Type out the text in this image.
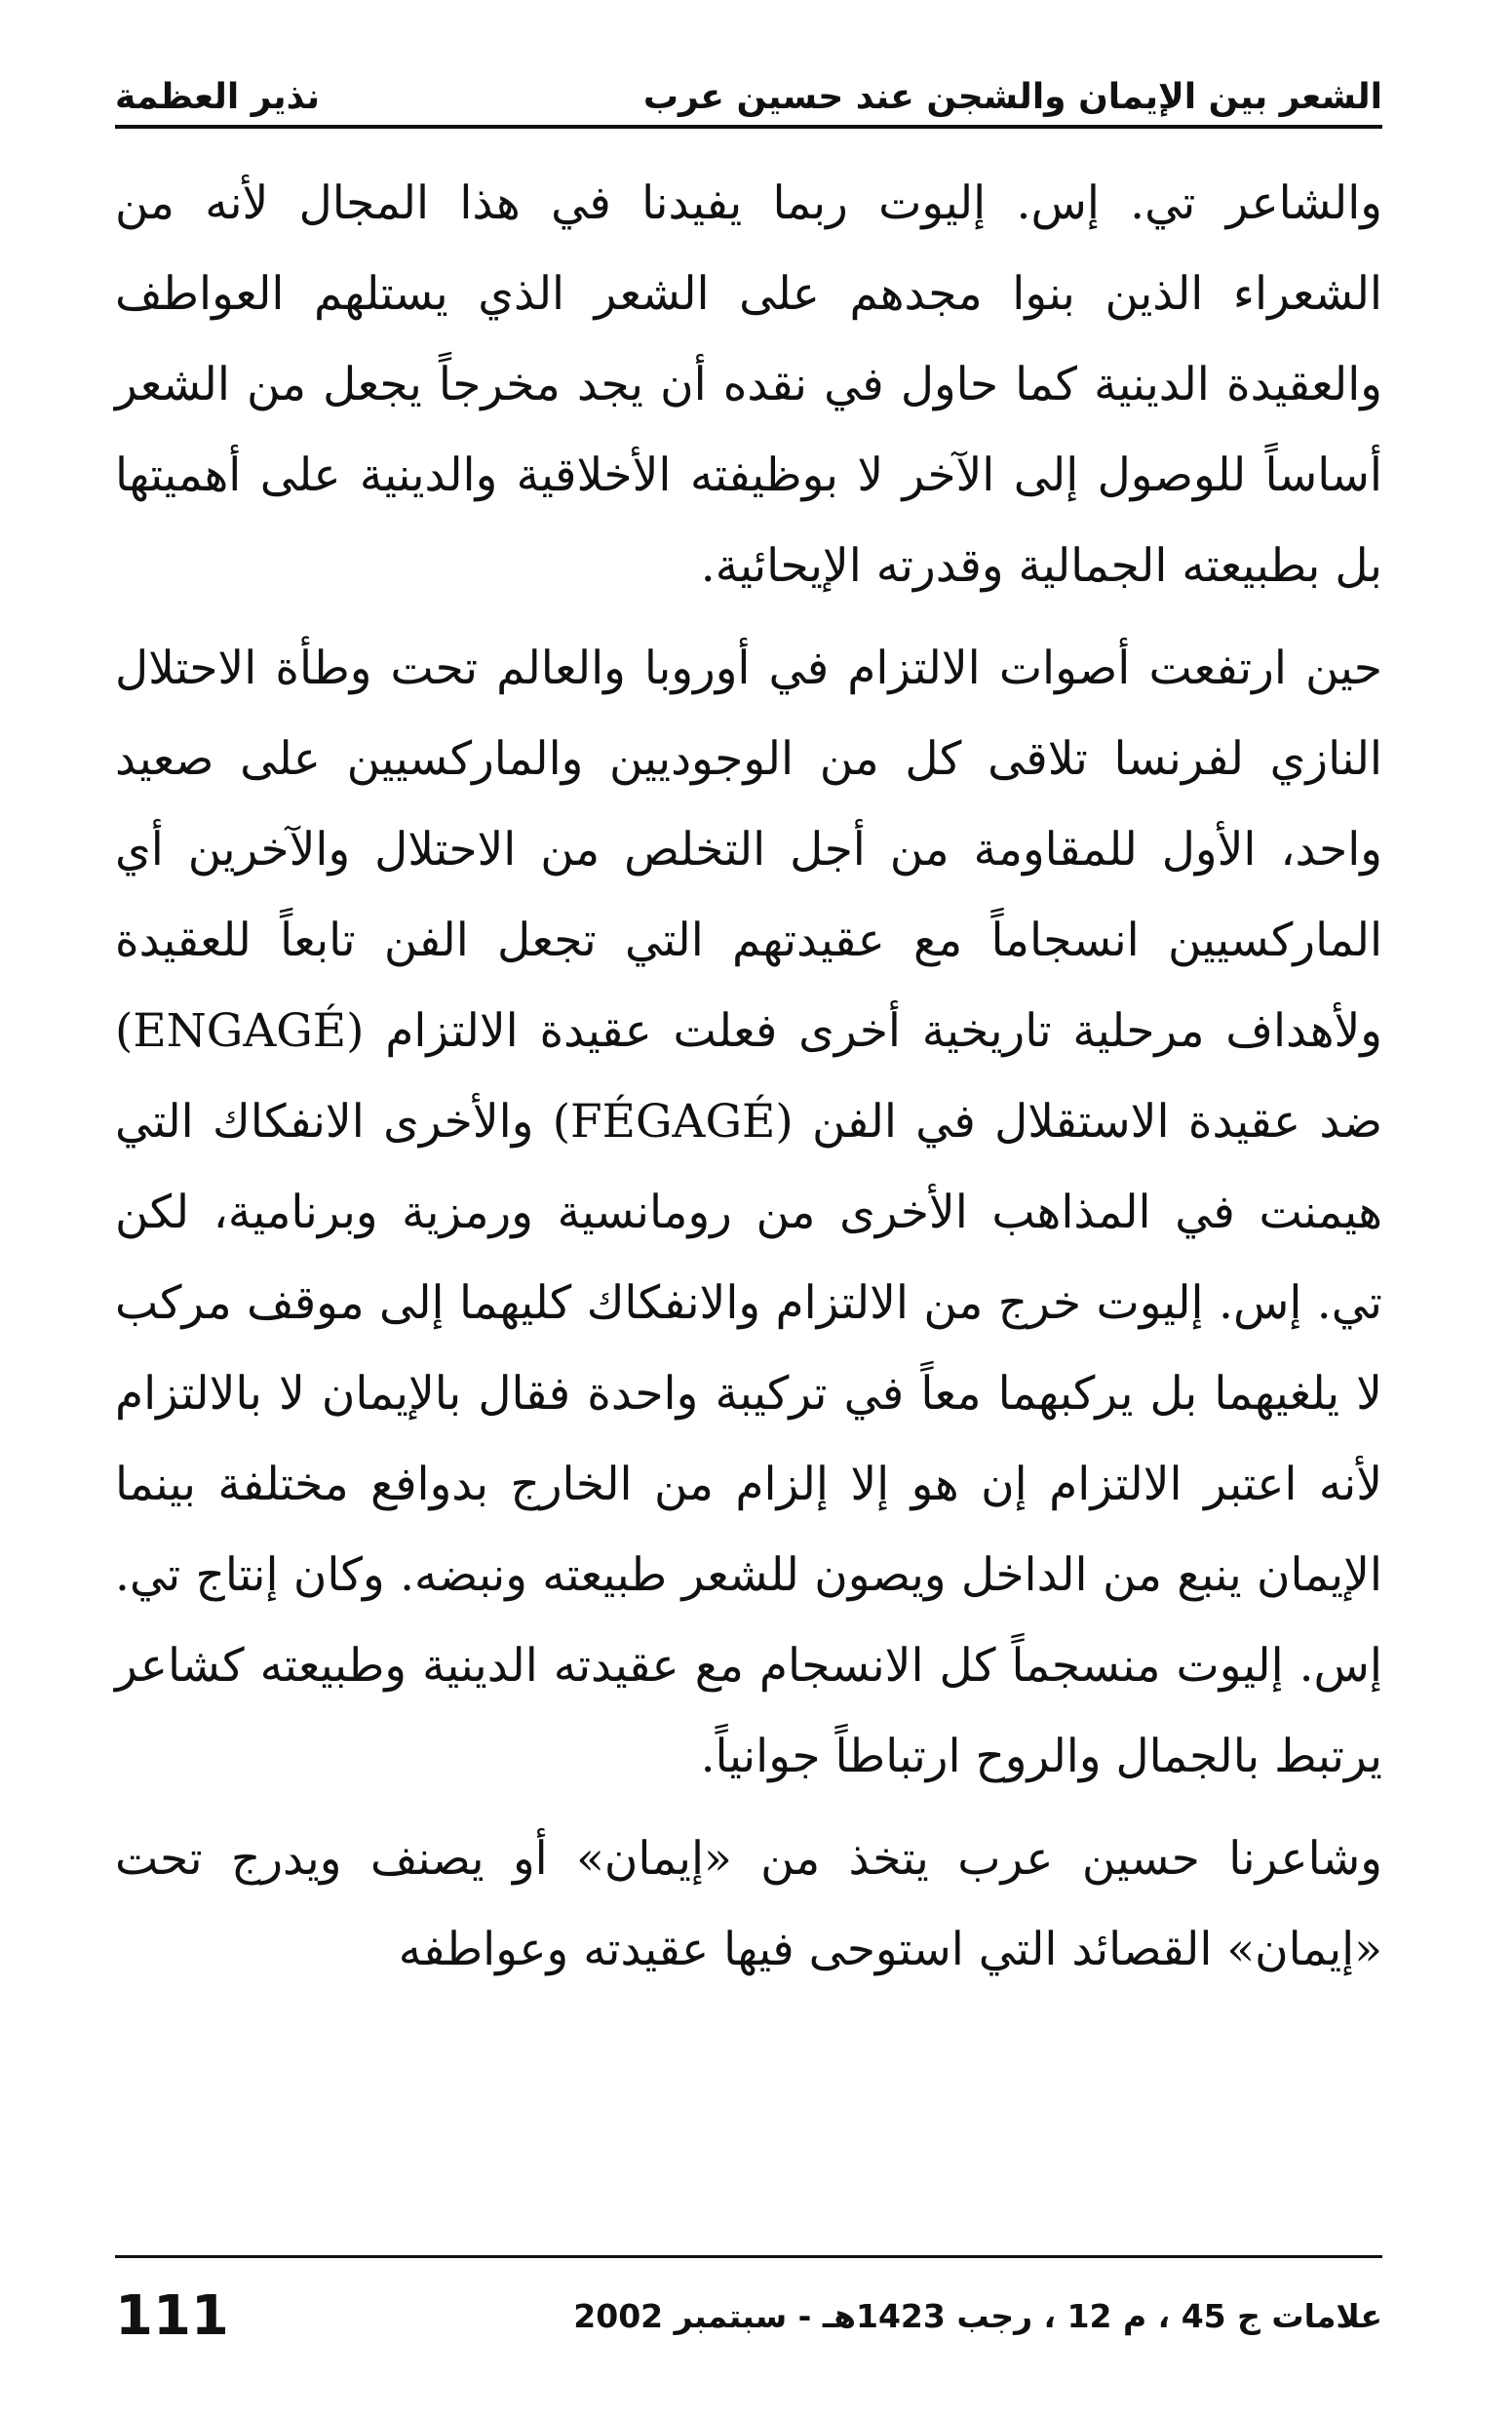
الشعر بين الإيمان والشجن عند حسين عرب
نذير العظمة

والشاعر تي. إس. إليوت ربما يفيدنا في هذا المجال لأنه من الشعراء الذين بنوا مجدهم على الشعر الذي يستلهم العواطف والعقيدة الدينية كما حاول في نقده أن يجد مخرجاً يجعل من الشعر أساساً للوصول إلى الآخر لا بوظيفته الأخلاقية والدينية على أهميتها بل بطبيعته الجمالية وقدرته الإيحائية.

حين ارتفعت أصوات الالتزام في أوروبا والعالم تحت وطأة الاحتلال النازي لفرنسا تلاقى كل من الوجوديين والماركسيين على صعيد واحد، الأول للمقاومة من أجل التخلص من الاحتلال والآخرين أي الماركسيين انسجاماً مع عقيدتهم التي تجعل الفن تابعاً للعقيدة ولأهداف مرحلية تاريخية أخرى فعلت عقيدة الالتزام (ENGAGÉ) ضد عقيدة الاستقلال في الفن (FÉGAGÉ) والأخرى الانفكاك التي هيمنت في المذاهب الأخرى من رومانسية ورمزية وبرنامية، لكن تي. إس. إليوت خرج من الالتزام والانفكاك كليهما إلى موقف مركب لا يلغيهما بل يركبهما معاً في تركيبة واحدة فقال بالإيمان لا بالالتزام لأنه اعتبر الالتزام إن هو إلا إلزام من الخارج بدوافع مختلفة بينما الإيمان ينبع من الداخل ويصون للشعر طبيعته ونبضه. وكان إنتاج تي. إس. إليوت منسجماً كل الانسجام مع عقيدته الدينية وطبيعته كشاعر يرتبط بالجمال والروح ارتباطاً جوانياً.

وشاعرنا حسين عرب يتخذ من «إيمان» أو يصنف ويدرج تحت «إيمان» القصائد التي استوحى فيها عقيدته وعواطفه

علامات ج 45 ، م 12 ، رجب 1423هـ - سبتمبر 2002
111
